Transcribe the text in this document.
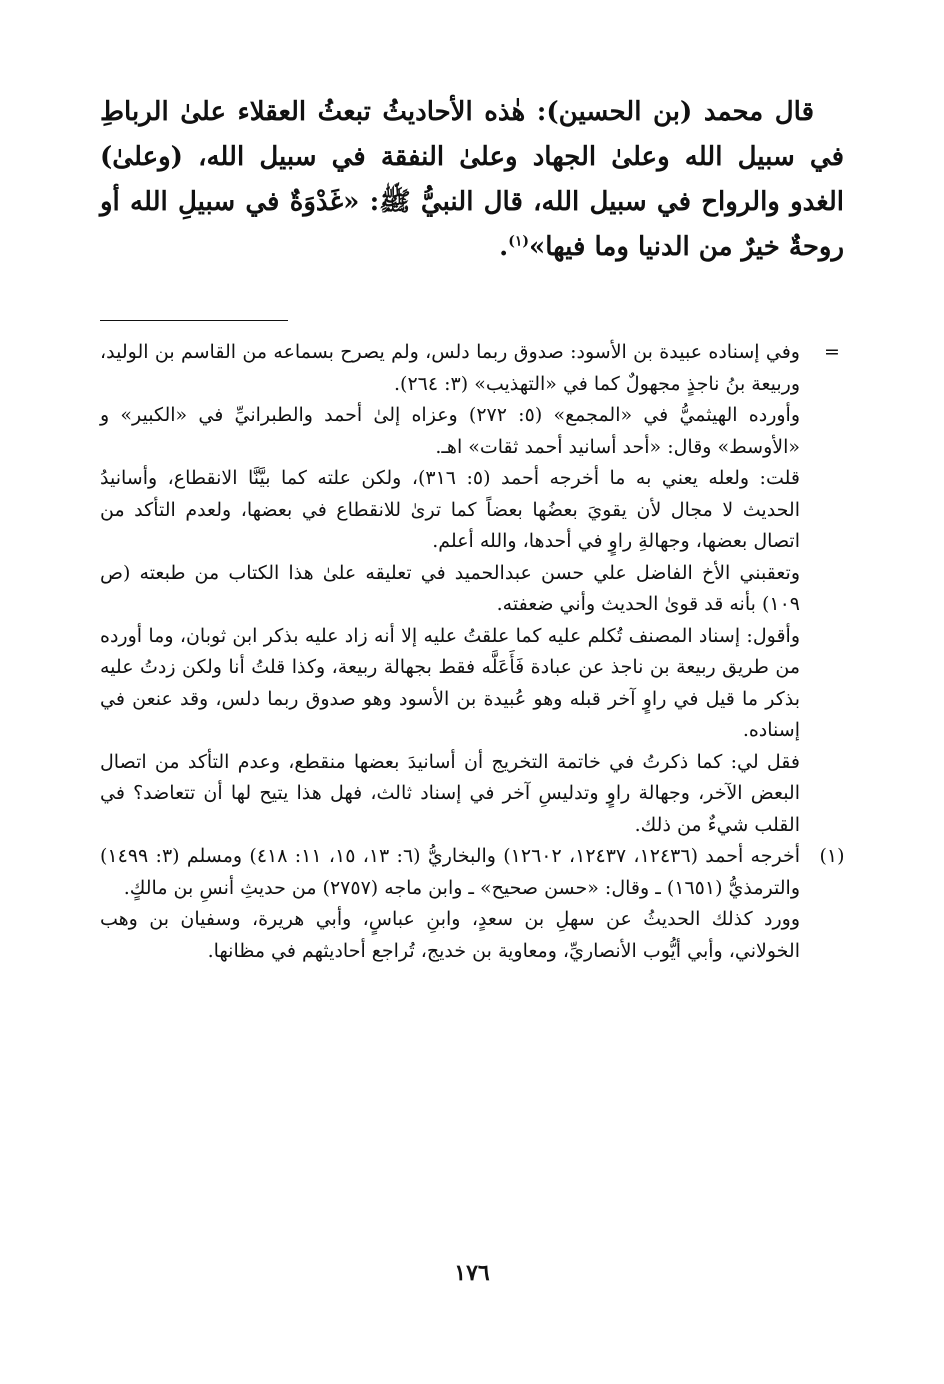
قال محمد (بن الحسين): هٰذه الأحاديثُ تبعثُ العقلاء علىٰ الرباطِ في سبيل الله وعلىٰ الجهاد وعلىٰ النفقة في سبيل الله، (وعلىٰ) الغدو والرواح في سبيل الله، قال النبيُّ ﷺ: «غَدْوَةٌ في سبيلِ الله أو روحةٌ خيرٌ من الدنيا وما فيها»$^{(١)}$.

=
وفي إسناده عبيدة بن الأسود: صدوق ربما دلس، ولم يصرح بسماعه من القاسم بن الوليد، وربيعة بنُ ناجذٍ مجهولٌ كما في «التهذيب» (٣: ٢٦٤).

وأورده الهيثميُّ في «المجمع» (٥: ٢٧٢) وعزاه إلىٰ أحمد والطبرانيِّ في «الكبير» و «الأوسط» وقال: «أحد أسانيد أحمد ثقات» اهـ.

قلت: ولعله يعني به ما أخرجه أحمد (٥: ٣١٦)، ولكن علته كما بيَّنَّا الانقطاع، وأسانيدُ الحديث لا مجال لأن يقويَ بعضُها بعضاً كما ترىٰ للانقطاع في بعضها، ولعدم التأكد من اتصال بعضها، وجهالةِ راوٍ في أحدها، والله أعلم.

وتعقبني الأخ الفاضل علي حسن عبدالحميد في تعليقه علىٰ هذا الكتاب من طبعته (ص ١٠٩) بأنه قد قوىٰ الحديث وأني ضعفته.

وأقول: إسناد المصنف تُكلم عليه كما علقتُ عليه إلا أنه زاد عليه بذكر ابن ثوبان، وما أورده من طريق ربيعة بن ناجذ عن عبادة فَأَعَلَّه فقط بجهالة ربيعة، وكذا قلتُ أنا ولكن زدتُ عليه بذكر ما قيل في راوٍ آخر قبله وهو عُبيدة بن الأسود وهو صدوق ربما دلس، وقد عنعن في إسناده.

فقل لي: كما ذكرتُ في خاتمة التخريج أن أسانيدَ بعضها منقطع، وعدم التأكد من اتصال البعض الآخر، وجهالة راوٍ وتدليسِ آخر في إسناد ثالث، فهل هذا يتيح لها أن تتعاضد؟ في القلب شيءٌ من ذلك.

(١)
أخرجه أحمد (١٢٤٣٦، ١٢٤٣٧، ١٢٦٠٢) والبخاريُّ (٦: ١٣، ١٥، ١١: ٤١٨) ومسلم (٣: ١٤٩٩) والترمذيُّ (١٦٥١) ـ وقال: «حسن صحيح» ـ وابن ماجه (٢٧٥٧) من حديثِ أنسِ بن مالكٍ.

وورد كذلك الحديثُ عن سهلِ بن سعدٍ، وابنِ عباسٍ، وأبي هريرة، وسفيان بن وهب الخولاني، وأبي أيُّوب الأنصاريِّ، ومعاوية بن خديج، تُراجع أحاديثهم في مظانها.

١٧٦
